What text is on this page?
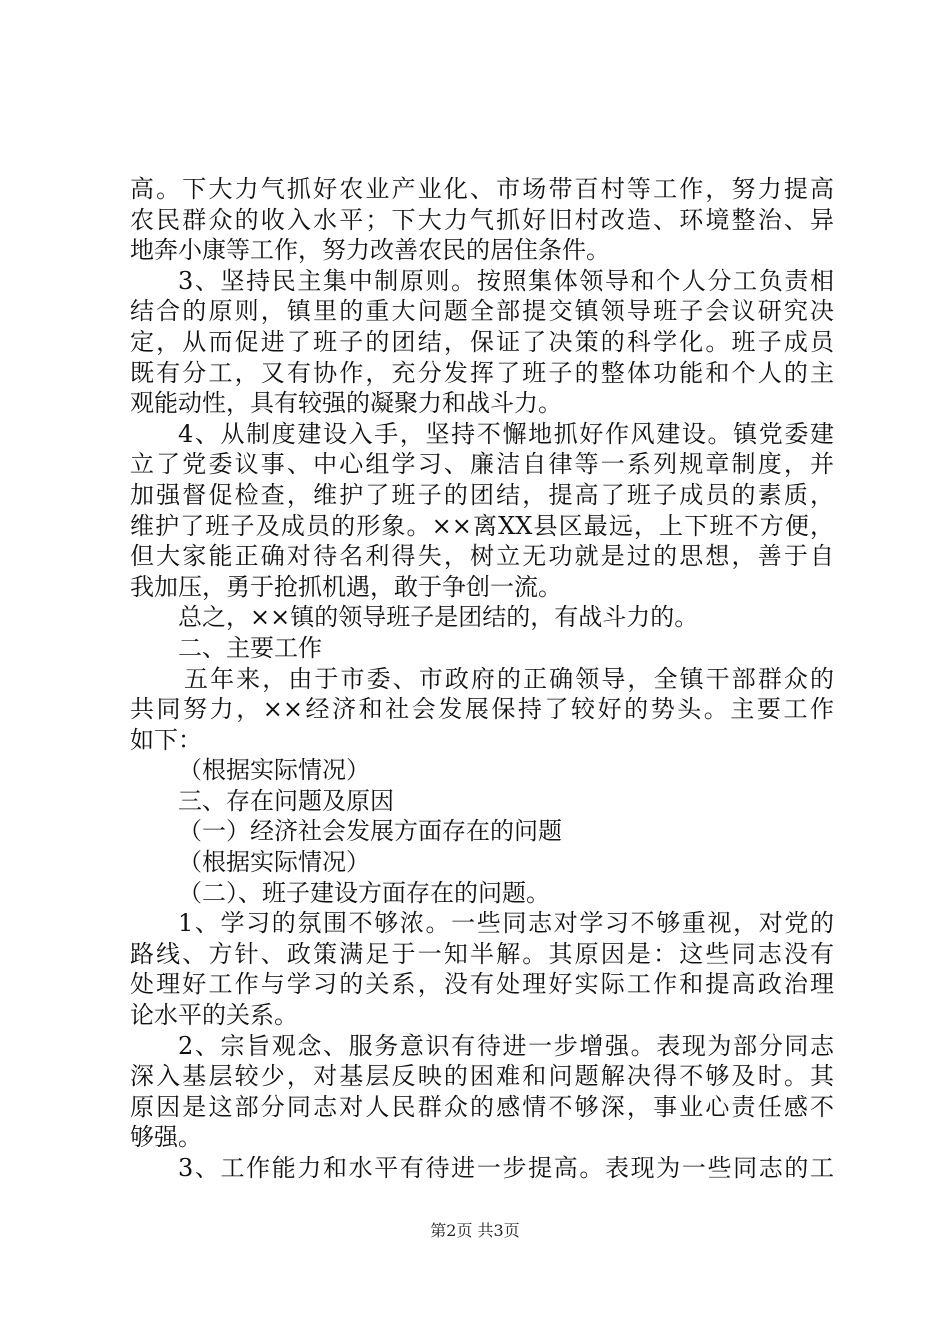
高。下大力气抓好农业产业化、市场带百村等工作，努力提高
农民群众的收入水平；下大力气抓好旧村改造、环境整治、异
地奔小康等工作，努力改善农民的居住条件。
3、坚持民主集中制原则。按照集体领导和个人分工负责相
结合的原则，镇里的重大问题全部提交镇领导班子会议研究决
定，从而促进了班子的团结，保证了决策的科学化。班子成员
既有分工，又有协作，充分发挥了班子的整体功能和个人的主
观能动性，具有较强的凝聚力和战斗力。
4、从制度建设入手，坚持不懈地抓好作风建设。镇党委建
立了党委议事、中心组学习、廉洁自律等一系列规章制度，并
加强督促检查，维护了班子的团结，提高了班子成员的素质，
维护了班子及成员的形象。××离XX县区最远，上下班不方便，
但大家能正确对待名利得失，树立无功就是过的思想，善于自
我加压，勇于抢抓机遇，敢于争创一流。
总之，××镇的领导班子是团结的，有战斗力的。
二、主要工作
五年来，由于市委、市政府的正确领导，全镇干部群众的
共同努力，××经济和社会发展保持了较好的势头。主要工作
如下：
（根据实际情况）
三、存在问题及原因
（一）经济社会发展方面存在的问题
（根据实际情况）
（二）、班子建设方面存在的问题。
1、学习的氛围不够浓。一些同志对学习不够重视，对党的
路线、方针、政策满足于一知半解。其原因是：这些同志没有
处理好工作与学习的关系，没有处理好实际工作和提高政治理
论水平的关系。
2、宗旨观念、服务意识有待进一步增强。表现为部分同志
深入基层较少，对基层反映的困难和问题解决得不够及时。其
原因是这部分同志对人民群众的感情不够深，事业心责任感不
够强。
3、工作能力和水平有待进一步提高。表现为一些同志的工
第2页 共3页
